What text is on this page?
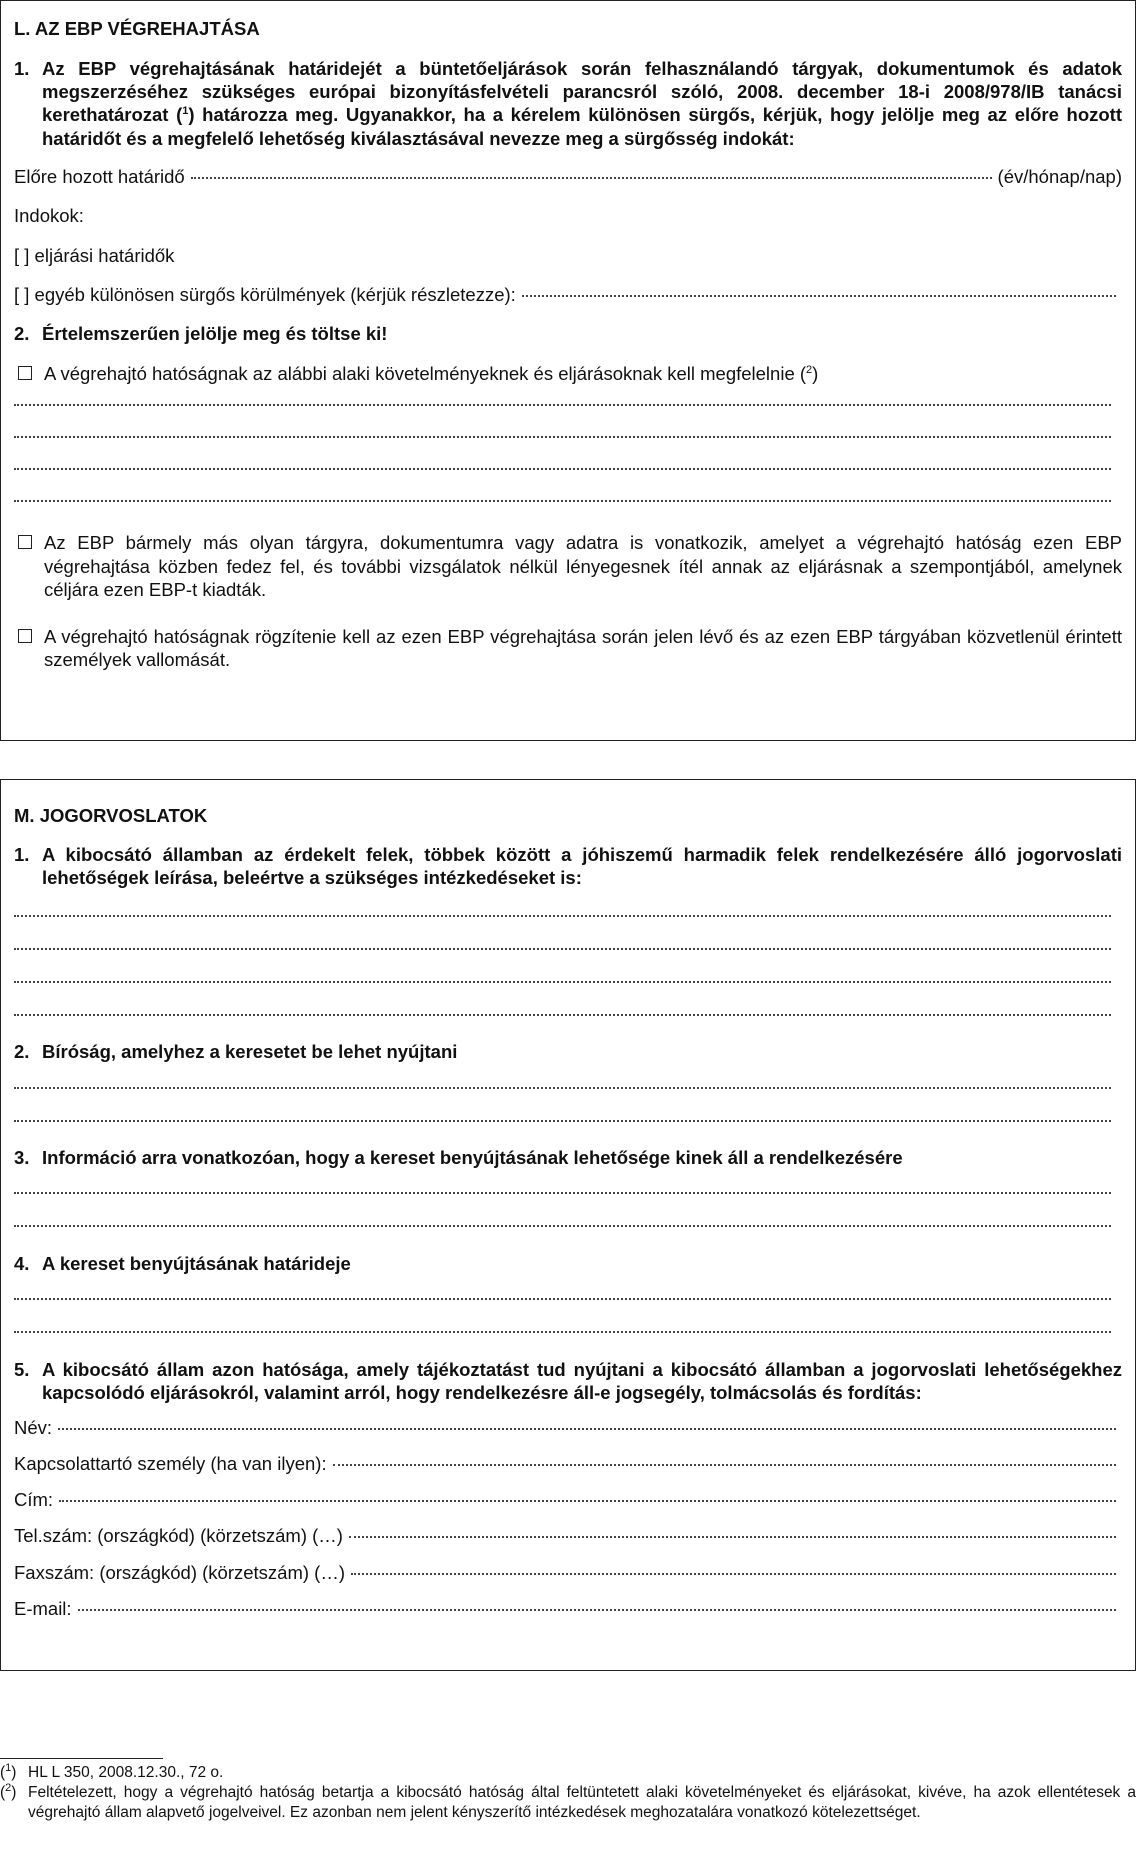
L. AZ EBP VÉGREHAJTÁSA
1. Az EBP végrehajtásának határidejét a büntetőeljárások során felhasználandó tárgyak, dokumentumok és adatok megszerzéséhez szükséges európai bizonyításfelvételi parancsról szóló, 2008. december 18-i 2008/978/IB tanácsi kerethatározat ($^1$) határozza meg. Ugyanakkor, ha a kérelem különösen sürgős, kérjük, hogy jelölje meg az előre hozott határidőt és a megfelelő lehetőség kiválasztásával nevezze meg a sürgősség indokát:
Előre hozott határidő	(év/hónap/nap)

Indokok:

[ ] eljárási határidők

[ ] egyéb különösen sürgős körülmények (kérjük részletezze):
2. Értelemszerűen jelölje meg és töltse ki!
A végrehajtó hatóságnak az alábbi alaki követelményeknek és eljárásoknak kell megfelelnie ($^2$)
Az EBP bármely más olyan tárgyra, dokumentumra vagy adatra is vonatkozik, amelyet a végrehajtó hatóság ezen EBP végrehajtása közben fedez fel, és további vizsgálatok nélkül lényegesnek ítél annak az eljárásnak a szempontjából, amelynek céljára ezen EBP-t kiadták.
A végrehajtó hatóságnak rögzítenie kell az ezen EBP végrehajtása során jelen lévő és az ezen EBP tárgyában közvetlenül érintett személyek vallomását.
M. JOGORVOSLATOK
1. A kibocsátó államban az érdekelt felek, többek között a jóhiszemű harmadik felek rendelkezésére álló jogorvoslati lehetőségek leírása, beleértve a szükséges intézkedéseket is:
2. Bíróság, amelyhez a keresetet be lehet nyújtani
3. Információ arra vonatkozóan, hogy a kereset benyújtásának lehetősége kinek áll a rendelkezésére
4. A kereset benyújtásának határideje
5. A kibocsátó állam azon hatósága, amely tájékoztatást tud nyújtani a kibocsátó államban a jogorvoslati lehetőségekhez kapcsolódó eljárásokról, valamint arról, hogy rendelkezésre áll-e jogsegély, tolmácsolás és fordítás:
Név:
Kapcsolattartó személy (ha van ilyen):
Cím:
Tel.szám: (országkód) (körzetszám) (…)
Faxszám: (országkód) (körzetszám) (…)
E-mail:
($^1$) HL L 350, 2008.12.30., 72 o.
($^2$) Feltételezett, hogy a végrehajtó hatóság betartja a kibocsátó hatóság által feltüntetett alaki követelményeket és eljárásokat, kivéve, ha azok ellentétesek a végrehajtó állam alapvető jogelveivel. Ez azonban nem jelent kényszerítő intézkedések meghozatalára vonatkozó kötelezettséget.
